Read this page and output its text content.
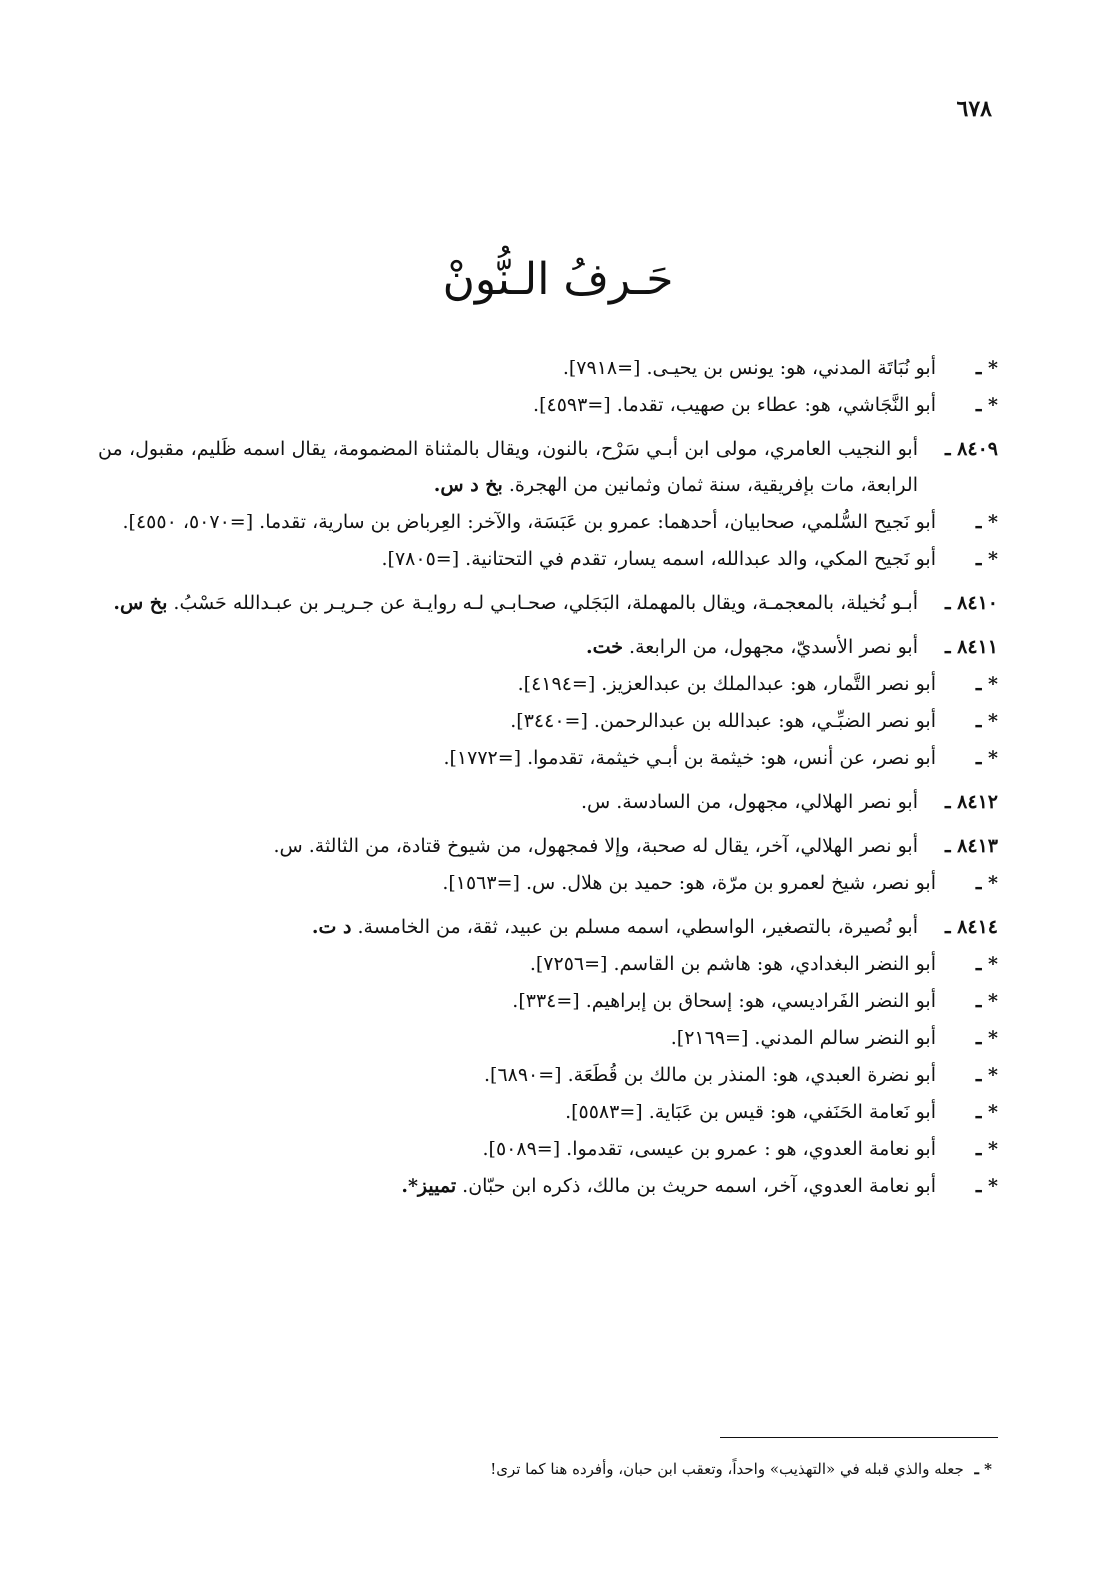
٦٧٨
حَـرفُ الـنُّونْ
* ـ
أبو نُبَاتَة المدني، هو: يونس بن يحيـى. [=٧٩١٨].
* ـ
أبو النَّجَاشي، هو: عطاء بن صهيب، تقدما. [=٤٥٩٣].
٨٤٠٩ ـ
أبو النجيب العامري، مولى ابن أبـي سَرْح، بالنون، ويقال بالمثناة المضمومة، يقال اسمه ظَليم، مقبول، من الرابعة، مات بإفريقية، سنة ثمان وثمانين من الهجرة. بخ د س.
* ـ
أبو نَجيح السُّلمي، صحابيان، أحدهما: عمرو بن عَبَسَة، والآخر: العِرباض بن سارية، تقدما. [=٥٠٧٠، ٤٥٥٠].
* ـ
أبو نَجيح المكي، والد عبدالله، اسمه يسار، تقدم في التحتانية. [=٧٨٠٥].
٨٤١٠ ـ
أبـو نُخيلة، بالمعجمـة، ويقال بالمهملة، البَجَلي، صحـابـي لـه روايـة عن جـريـر بن عبـدالله حَسْبُ. بخ س.
٨٤١١ ـ
أبو نصر الأسديّ، مجهول، من الرابعة. خت.
* ـ
أبو نصر التَّمار، هو: عبدالملك بن عبدالعزيز. [=٤١٩٤].
* ـ
أبو نصر الضبِّـي، هو: عبدالله بن عبدالرحمن. [=٣٤٤٠].
* ـ
أبو نصر، عن أنس، هو: خيثمة بن أبـي خيثمة، تقدموا. [=١٧٧٢].
٨٤١٢ ـ
أبو نصر الهلالي، مجهول، من السادسة. س.
٨٤١٣ ـ
أبو نصر الهلالي، آخر، يقال له صحبة، وإلا فمجهول، من شيوخ قتادة، من الثالثة. س.
* ـ
أبو نصر، شيخ لعمرو بن مرّة، هو: حميد بن هلال. س. [=١٥٦٣].
٨٤١٤ ـ
أبو نُصيرة، بالتصغير، الواسطي، اسمه مسلم بن عبيد، ثقة، من الخامسة. د ت.
* ـ
أبو النضر البغدادي، هو: هاشم بن القاسم. [=٧٢٥٦].
* ـ
أبو النضر الفَراديسي، هو: إسحاق بن إبراهيم. [=٣٣٤].
* ـ
أبو النضر سالم المدني. [=٢١٦٩].
* ـ
أبو نضرة العبدي، هو: المنذر بن مالك بن قُطَعَة. [=٦٨٩٠].
* ـ
أبو نَعامة الحَنَفي، هو: قيس بن عَبَاية. [=٥٥٨٣].
* ـ
أبو نعامة العدوي، هو : عمرو بن عيسى، تقدموا. [=٥٠٨٩].
* ـ
أبو نعامة العدوي، آخر، اسمه حريث بن مالك، ذكره ابن حبّان. تمييز*.
* ـ جعله والذي قبله في «التهذيب» واحداً، وتعقب ابن حبان، وأفرده هنا كما ترى!
